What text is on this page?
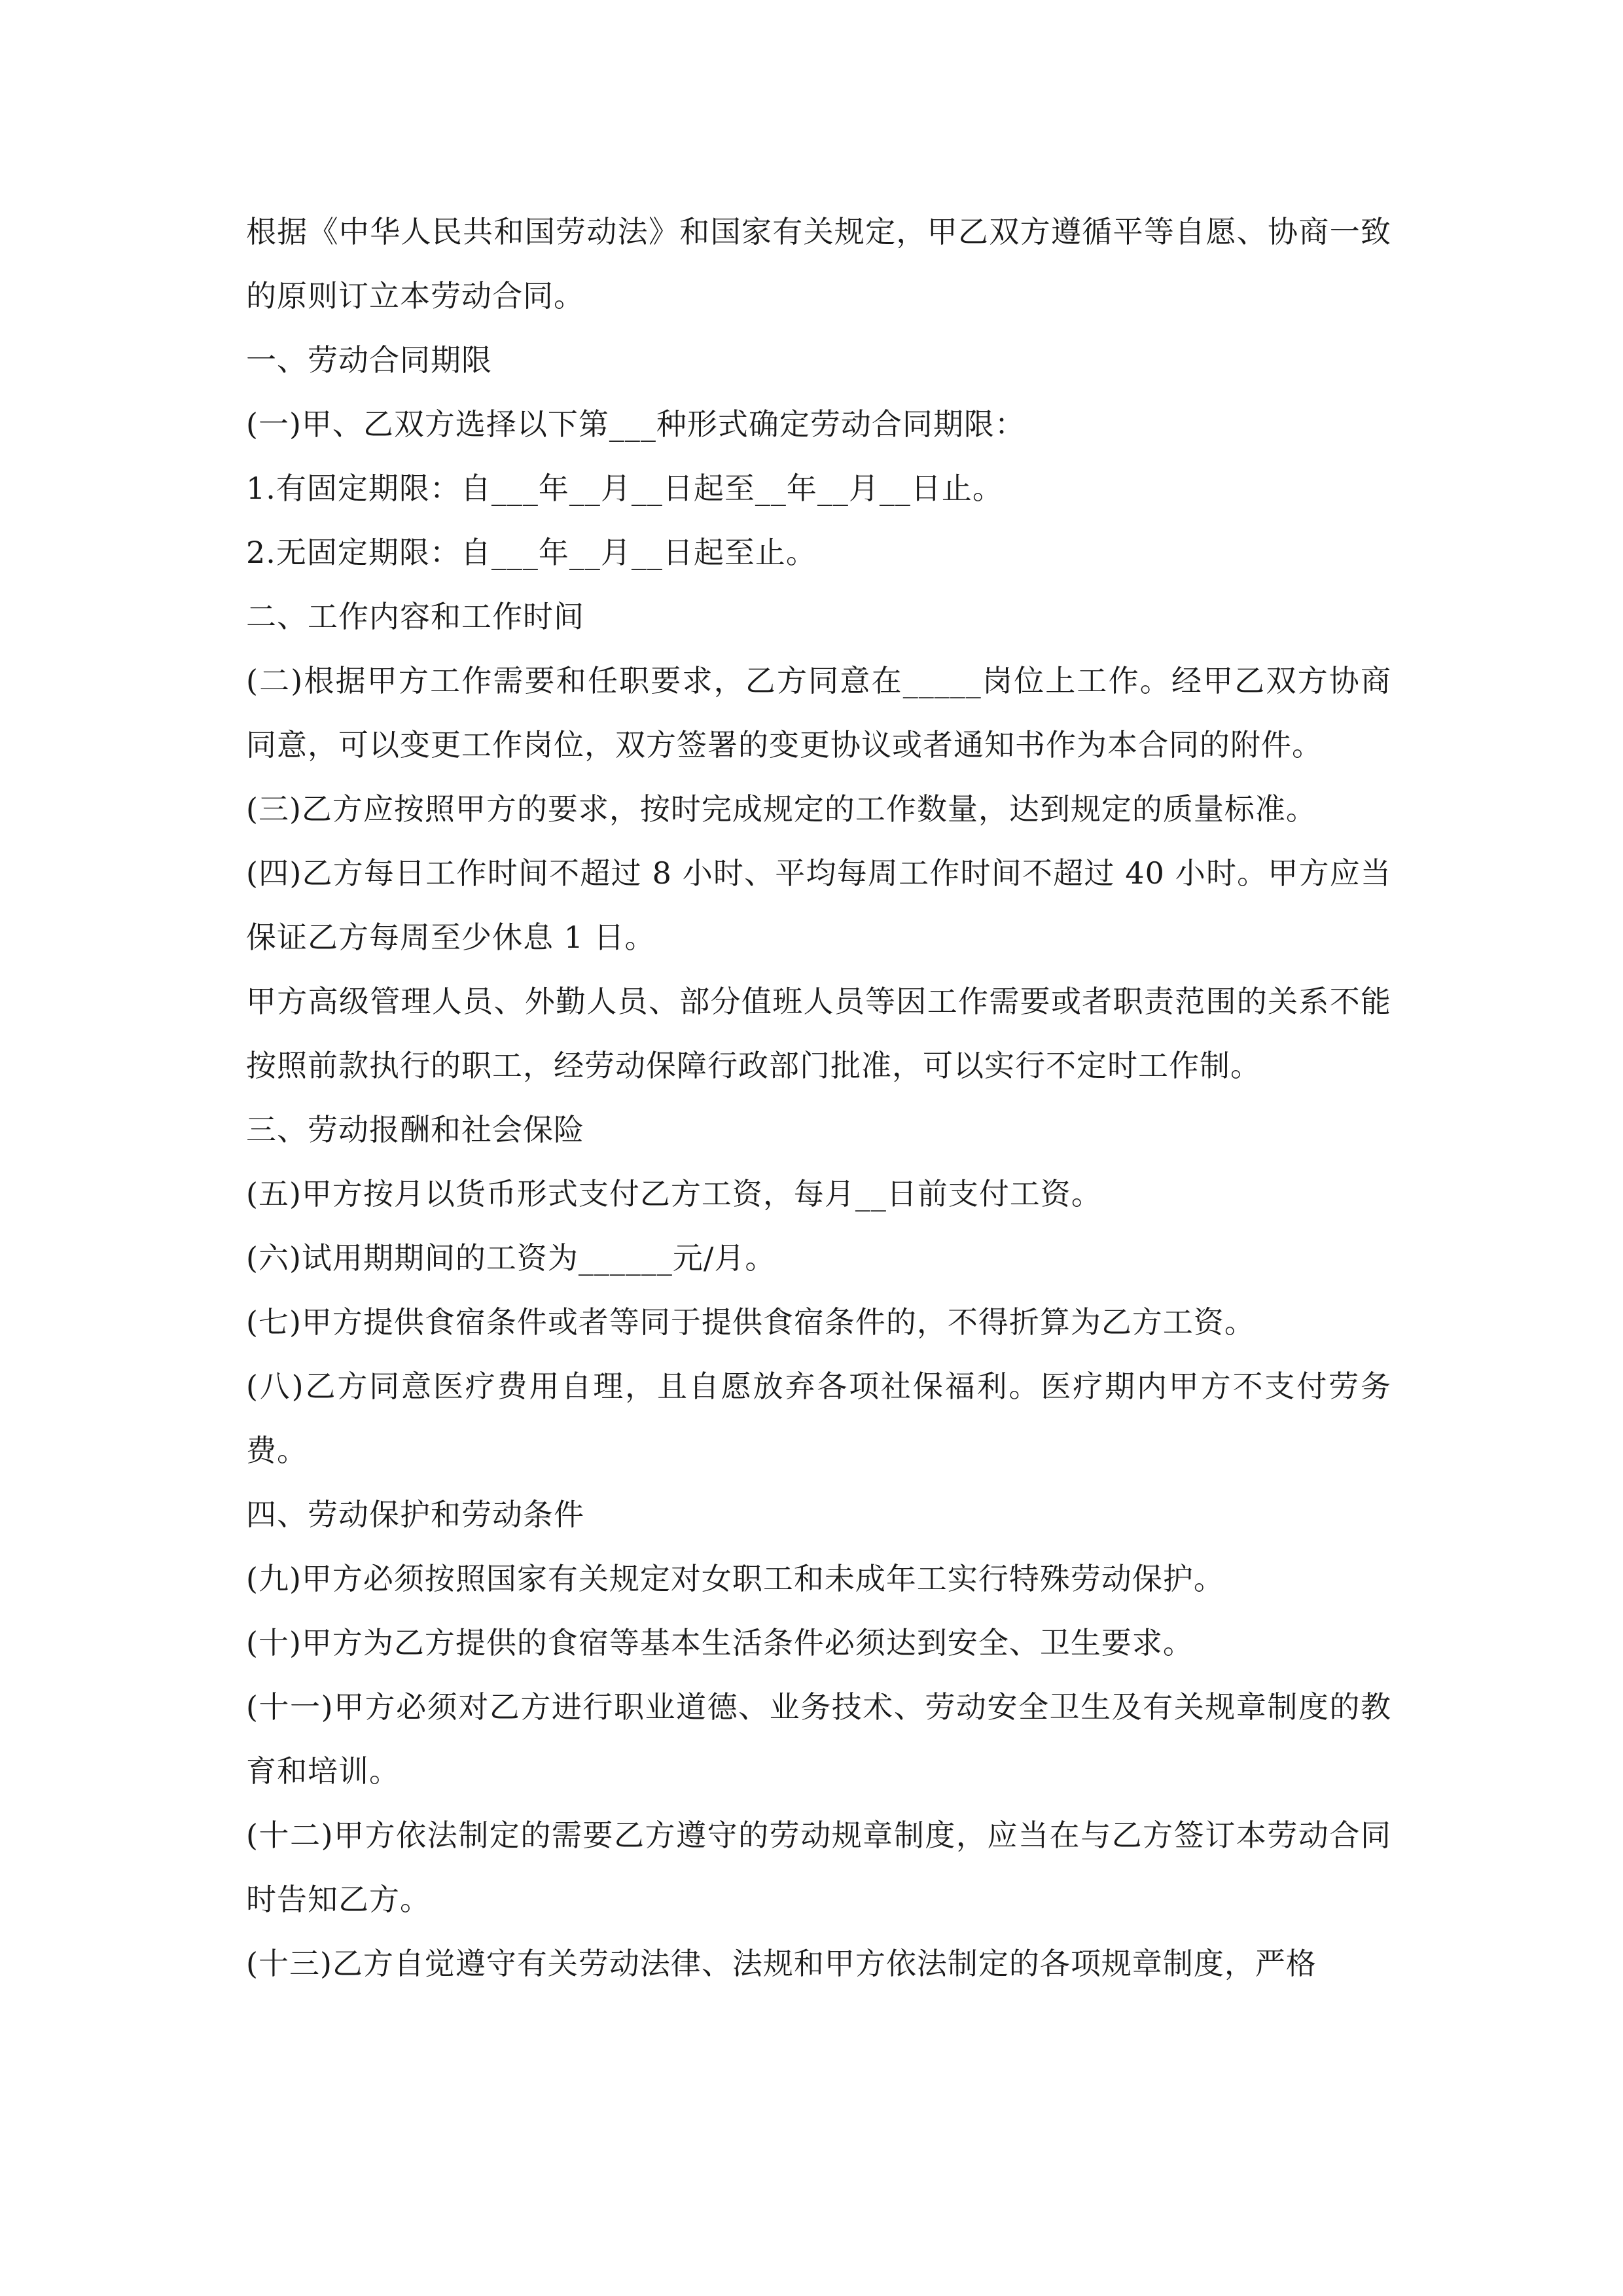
根据《中华人民共和国劳动法》和国家有关规定，甲乙双方遵循平等自愿、协商一致的原则订立本劳动合同。

一、劳动合同期限

(一)甲、乙双方选择以下第___种形式确定劳动合同期限：

1.有固定期限：自___年__月__日起至__年__月__日止。

2.无固定期限：自___年__月__日起至止。

二、工作内容和工作时间

(二)根据甲方工作需要和任职要求，乙方同意在_____岗位上工作。经甲乙双方协商同意，可以变更工作岗位，双方签署的变更协议或者通知书作为本合同的附件。

(三)乙方应按照甲方的要求，按时完成规定的工作数量，达到规定的质量标准。

(四)乙方每日工作时间不超过 8 小时、平均每周工作时间不超过 40 小时。甲方应当保证乙方每周至少休息 1 日。

甲方高级管理人员、外勤人员、部分值班人员等因工作需要或者职责范围的关系不能按照前款执行的职工，经劳动保障行政部门批准，可以实行不定时工作制。

三、劳动报酬和社会保险

(五)甲方按月以货币形式支付乙方工资，每月__日前支付工资。

(六)试用期期间的工资为______元/月。

(七)甲方提供食宿条件或者等同于提供食宿条件的，不得折算为乙方工资。

(八)乙方同意医疗费用自理，且自愿放弃各项社保福利。医疗期内甲方不支付劳务费。

四、劳动保护和劳动条件

(九)甲方必须按照国家有关规定对女职工和未成年工实行特殊劳动保护。

(十)甲方为乙方提供的食宿等基本生活条件必须达到安全、卫生要求。

(十一)甲方必须对乙方进行职业道德、业务技术、劳动安全卫生及有关规章制度的教育和培训。

(十二)甲方依法制定的需要乙方遵守的劳动规章制度，应当在与乙方签订本劳动合同时告知乙方。

(十三)乙方自觉遵守有关劳动法律、法规和甲方依法制定的各项规章制度，严格
